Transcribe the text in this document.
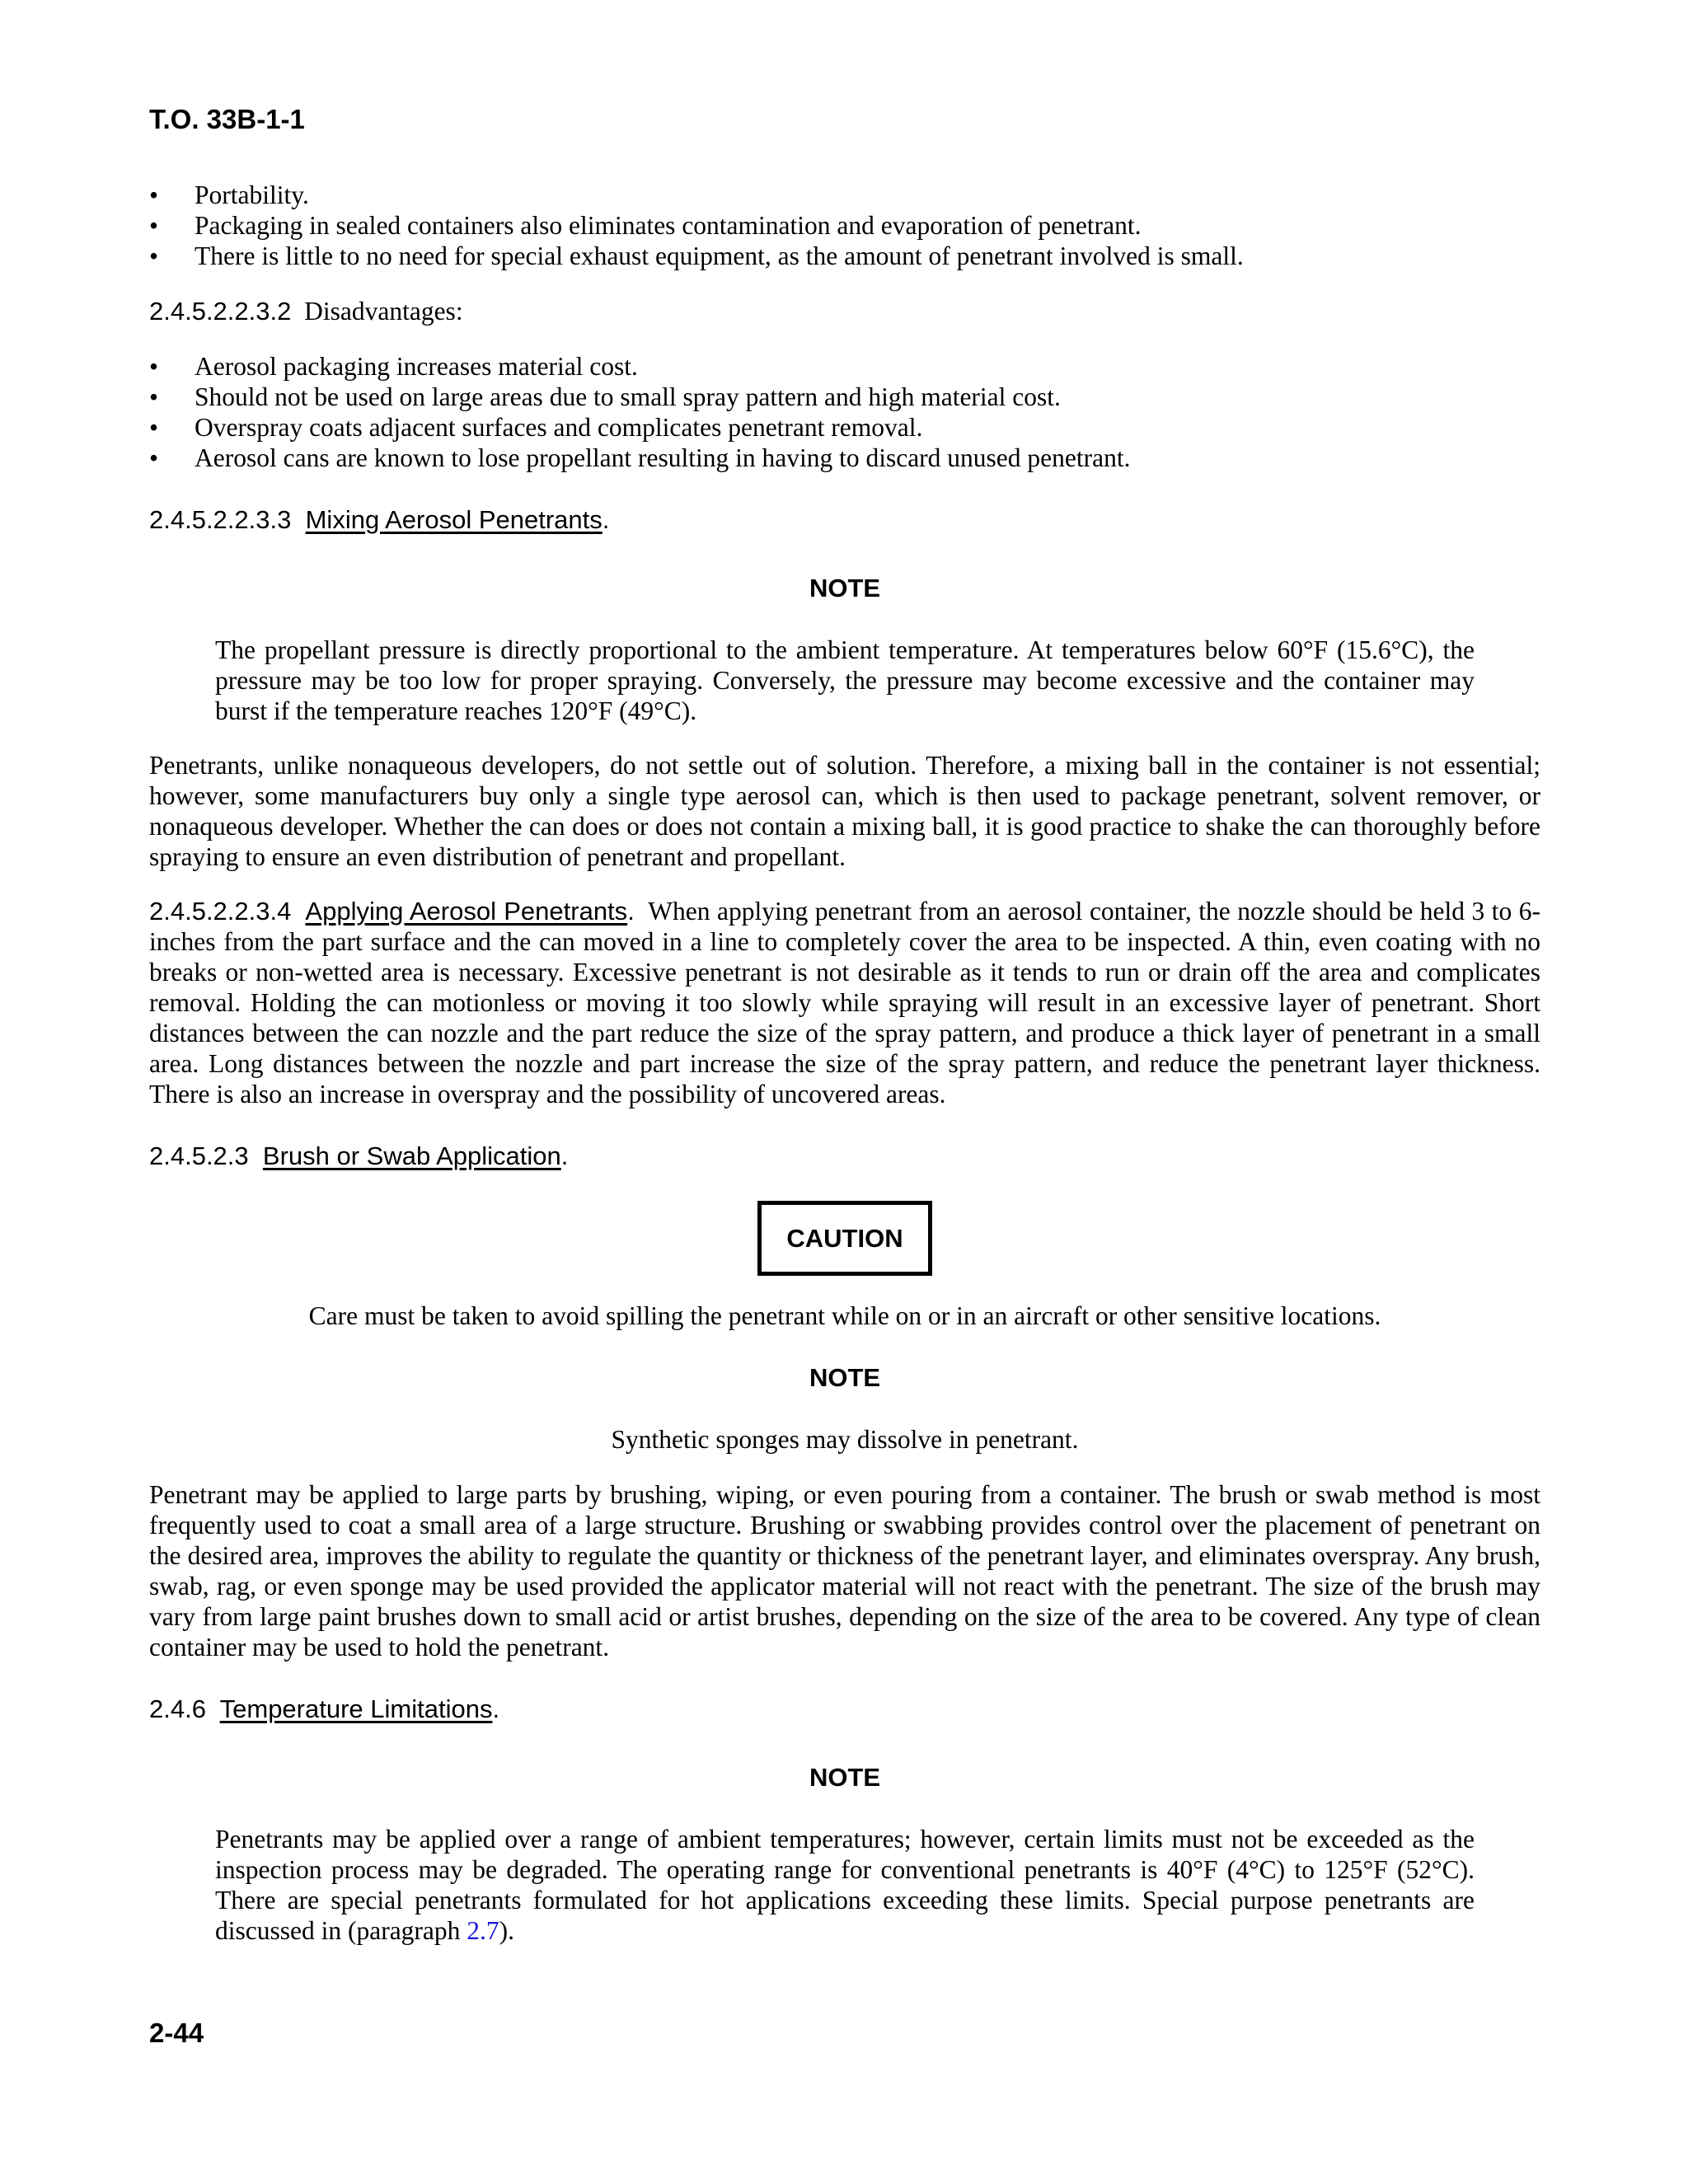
T.O. 33B-1-1
• Portability.
• Packaging in sealed containers also eliminates contamination and evaporation of penetrant.
• There is little to no need for special exhaust equipment, as the amount of penetrant involved is small.
2.4.5.2.2.3.2 Disadvantages:
• Aerosol packaging increases material cost.
• Should not be used on large areas due to small spray pattern and high material cost.
• Overspray coats adjacent surfaces and complicates penetrant removal.
• Aerosol cans are known to lose propellant resulting in having to discard unused penetrant.
2.4.5.2.2.3.3 Mixing Aerosol Penetrants.
NOTE
The propellant pressure is directly proportional to the ambient temperature. At temperatures below 60°F (15.6°C), the pressure may be too low for proper spraying. Conversely, the pressure may become excessive and the container may burst if the temperature reaches 120°F (49°C).
Penetrants, unlike nonaqueous developers, do not settle out of solution. Therefore, a mixing ball in the container is not essential; however, some manufacturers buy only a single type aerosol can, which is then used to package penetrant, solvent remover, or nonaqueous developer. Whether the can does or does not contain a mixing ball, it is good practice to shake the can thoroughly before spraying to ensure an even distribution of penetrant and propellant.
2.4.5.2.2.3.4 Applying Aerosol Penetrants. When applying penetrant from an aerosol container, the nozzle should be held 3 to 6-inches from the part surface and the can moved in a line to completely cover the area to be inspected. A thin, even coating with no breaks or non-wetted area is necessary. Excessive penetrant is not desirable as it tends to run or drain off the area and complicates removal. Holding the can motionless or moving it too slowly while spraying will result in an excessive layer of penetrant. Short distances between the can nozzle and the part reduce the size of the spray pattern, and produce a thick layer of penetrant in a small area. Long distances between the nozzle and part increase the size of the spray pattern, and reduce the penetrant layer thickness. There is also an increase in overspray and the possibility of uncovered areas.
2.4.5.2.3 Brush or Swab Application.
CAUTION
Care must be taken to avoid spilling the penetrant while on or in an aircraft or other sensitive locations.
NOTE
Synthetic sponges may dissolve in penetrant.
Penetrant may be applied to large parts by brushing, wiping, or even pouring from a container. The brush or swab method is most frequently used to coat a small area of a large structure. Brushing or swabbing provides control over the placement of penetrant on the desired area, improves the ability to regulate the quantity or thickness of the penetrant layer, and eliminates overspray. Any brush, swab, rag, or even sponge may be used provided the applicator material will not react with the penetrant. The size of the brush may vary from large paint brushes down to small acid or artist brushes, depending on the size of the area to be covered. Any type of clean container may be used to hold the penetrant.
2.4.6 Temperature Limitations.
NOTE
Penetrants may be applied over a range of ambient temperatures; however, certain limits must not be exceeded as the inspection process may be degraded. The operating range for conventional penetrants is 40°F (4°C) to 125°F (52°C). There are special penetrants formulated for hot applications exceeding these limits. Special purpose penetrants are discussed in (paragraph 2.7).
2-44
